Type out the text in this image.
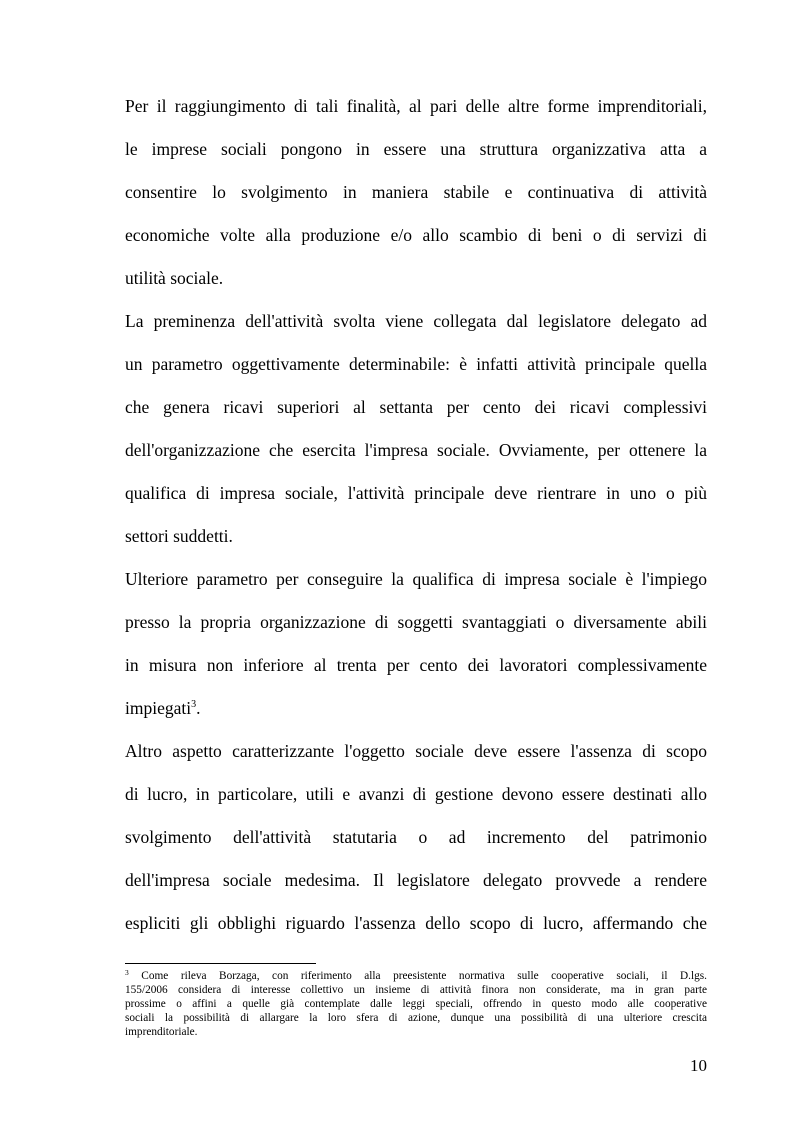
Per il raggiungimento di tali finalità, al pari delle altre forme imprenditoriali,
le imprese sociali pongono in essere una struttura organizzativa atta a
consentire lo svolgimento in maniera stabile e continuativa di attività
economiche volte alla produzione e/o allo scambio di beni o di servizi di
utilità sociale.
La preminenza dell'attività svolta viene collegata dal legislatore delegato ad
un parametro oggettivamente determinabile: è infatti attività principale quella
che genera ricavi superiori al settanta per cento dei ricavi complessivi
dell'organizzazione che esercita l'impresa sociale. Ovviamente, per ottenere la
qualifica di impresa sociale, l'attività principale deve rientrare in uno o più
settori suddetti.
Ulteriore parametro per conseguire la qualifica di impresa sociale è l'impiego
presso la propria organizzazione di soggetti svantaggiati o diversamente abili
in misura non inferiore al trenta per cento dei lavoratori complessivamente
impiegati$^3$.
Altro aspetto caratterizzante l'oggetto sociale deve essere l'assenza di scopo
di lucro, in particolare, utili e avanzi di gestione devono essere destinati allo
svolgimento dell'attività statutaria o ad incremento del patrimonio
dell'impresa sociale medesima. Il legislatore delegato provvede a rendere
espliciti gli obblighi riguardo l'assenza dello scopo di lucro, affermando che
$^3$ Come rileva Borzaga, con riferimento alla preesistente normativa sulle cooperative sociali, il D.lgs.
155/2006 considera di interesse collettivo un insieme di attività finora non considerate, ma in gran parte
prossime o affini a quelle già contemplate dalle leggi speciali, offrendo in questo modo alle cooperative
sociali la possibilità di allargare la loro sfera di azione, dunque una possibilità di una ulteriore crescita
imprenditoriale.
10
